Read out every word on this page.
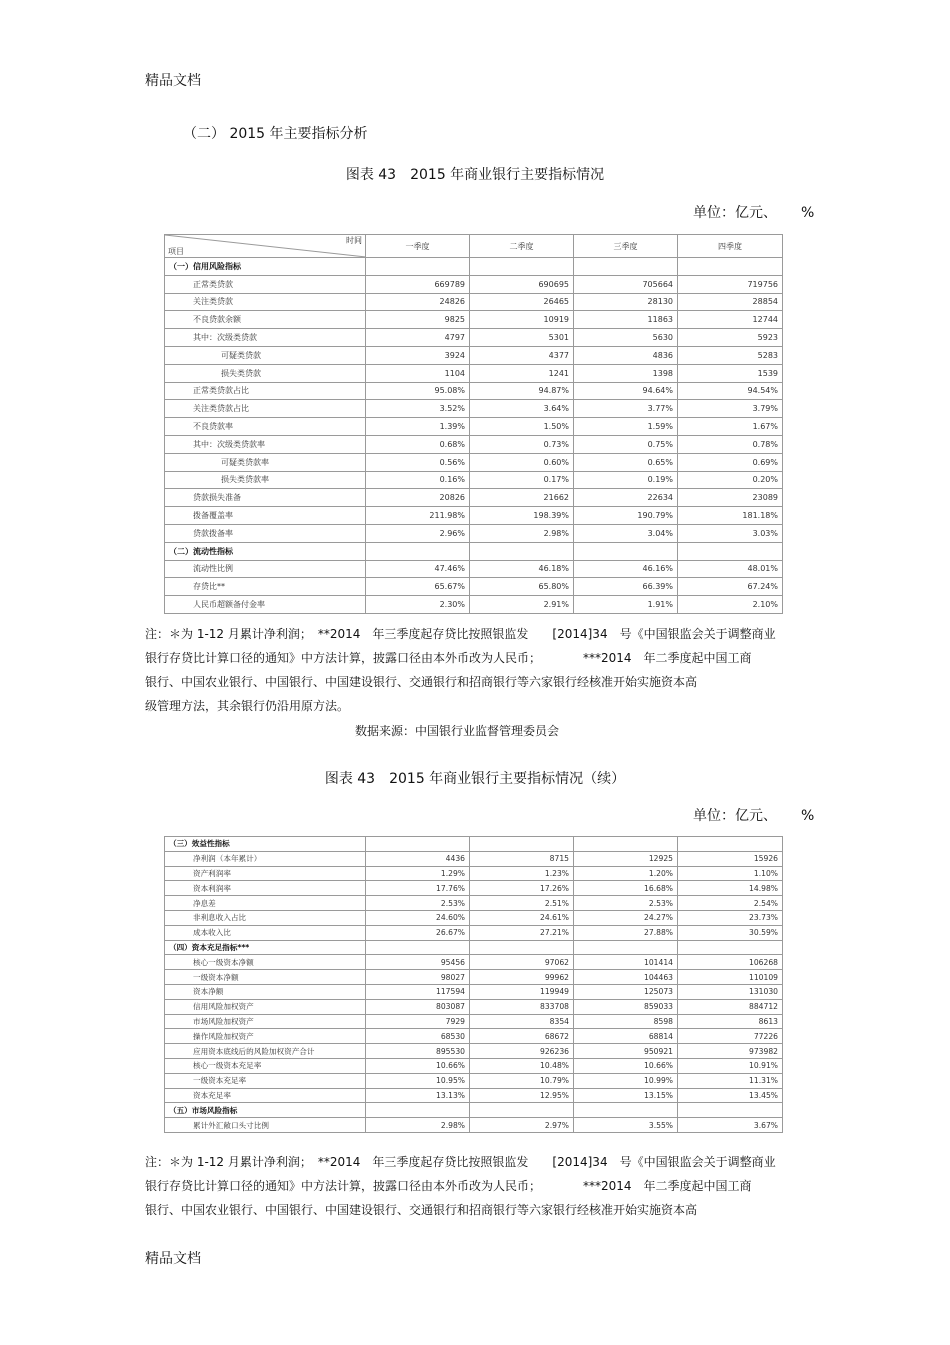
精品文档
（二） 2015 年主要指标分析
图表 43　2015 年商业银行主要指标情况
单位：亿元、 %
时间
项目	一季度	二季度	三季度	四季度
（一）信用风险指标				
正常类贷款	669789	690695	705664	719756
关注类贷款	24826	26465	28130	28854
不良贷款余额	9825	10919	11863	12744
其中：次级类贷款	4797	5301	5630	5923
可疑类贷款	3924	4377	4836	5283
损失类贷款	1104	1241	1398	1539
正常类贷款占比	95.08%	94.87%	94.64%	94.54%
关注类贷款占比	3.52%	3.64%	3.77%	3.79%
不良贷款率	1.39%	1.50%	1.59%	1.67%
其中：次级类贷款率	0.68%	0.73%	0.75%	0.78%
可疑类贷款率	0.56%	0.60%	0.65%	0.69%
损失类贷款率	0.16%	0.17%	0.19%	0.20%
贷款损失准备	20826	21662	22634	23089
拨备覆盖率	211.98%	198.39%	190.79%	181.18%
贷款拨备率	2.96%	2.98%	3.04%	3.03%
（二）流动性指标				
流动性比例	47.46%	46.18%	46.16%	48.01%
存贷比**	65.67%	65.80%	66.39%	67.24%
人民币超额备付金率	2.30%	2.91%	1.91%	2.10%
注：＊为 1-12 月累计净利润；　**2014　年三季度起存贷比按照银监发　　[2014]34　号《中国银监会关于调整商业
银行存贷比计算口径的通知》中方法计算，披露口径由本外币改为人民币；　　　　***2014　年二季度起中国工商
银行、中国农业银行、中国银行、中国建设银行、交通银行和招商银行等六家银行经核准开始实施资本高
级管理方法，其余银行仍沿用原方法。
数据来源：中国银行业监督管理委员会
图表 43　2015 年商业银行主要指标情况（续）
单位：亿元、 %
（三）效益性指标				
净利润（本年累计）	4436	8715	12925	15926
资产利润率	1.29%	1.23%	1.20%	1.10%
资本利润率	17.76%	17.26%	16.68%	14.98%
净息差	2.53%	2.51%	2.53%	2.54%
非利息收入占比	24.60%	24.61%	24.27%	23.73%
成本收入比	26.67%	27.21%	27.88%	30.59%
（四）资本充足指标***				
核心一级资本净额	95456	97062	101414	106268
一级资本净额	98027	99962	104463	110109
资本净额	117594	119949	125073	131030
信用风险加权资产	803087	833708	859033	884712
市场风险加权资产	7929	8354	8598	8613
操作风险加权资产	68530	68672	68814	77226
应用资本底线后的风险加权资产合计	895530	926236	950921	973982
核心一级资本充足率	10.66%	10.48%	10.66%	10.91%
一级资本充足率	10.95%	10.79%	10.99%	11.31%
资本充足率	13.13%	12.95%	13.15%	13.45%
（五）市场风险指标				
累计外汇敞口头寸比例	2.98%	2.97%	3.55%	3.67%
注：＊为 1-12 月累计净利润；　**2014　年三季度起存贷比按照银监发　　[2014]34　号《中国银监会关于调整商业
银行存贷比计算口径的通知》中方法计算，披露口径由本外币改为人民币；　　　　***2014　年二季度起中国工商
银行、中国农业银行、中国银行、中国建设银行、交通银行和招商银行等六家银行经核准开始实施资本高
精品文档
